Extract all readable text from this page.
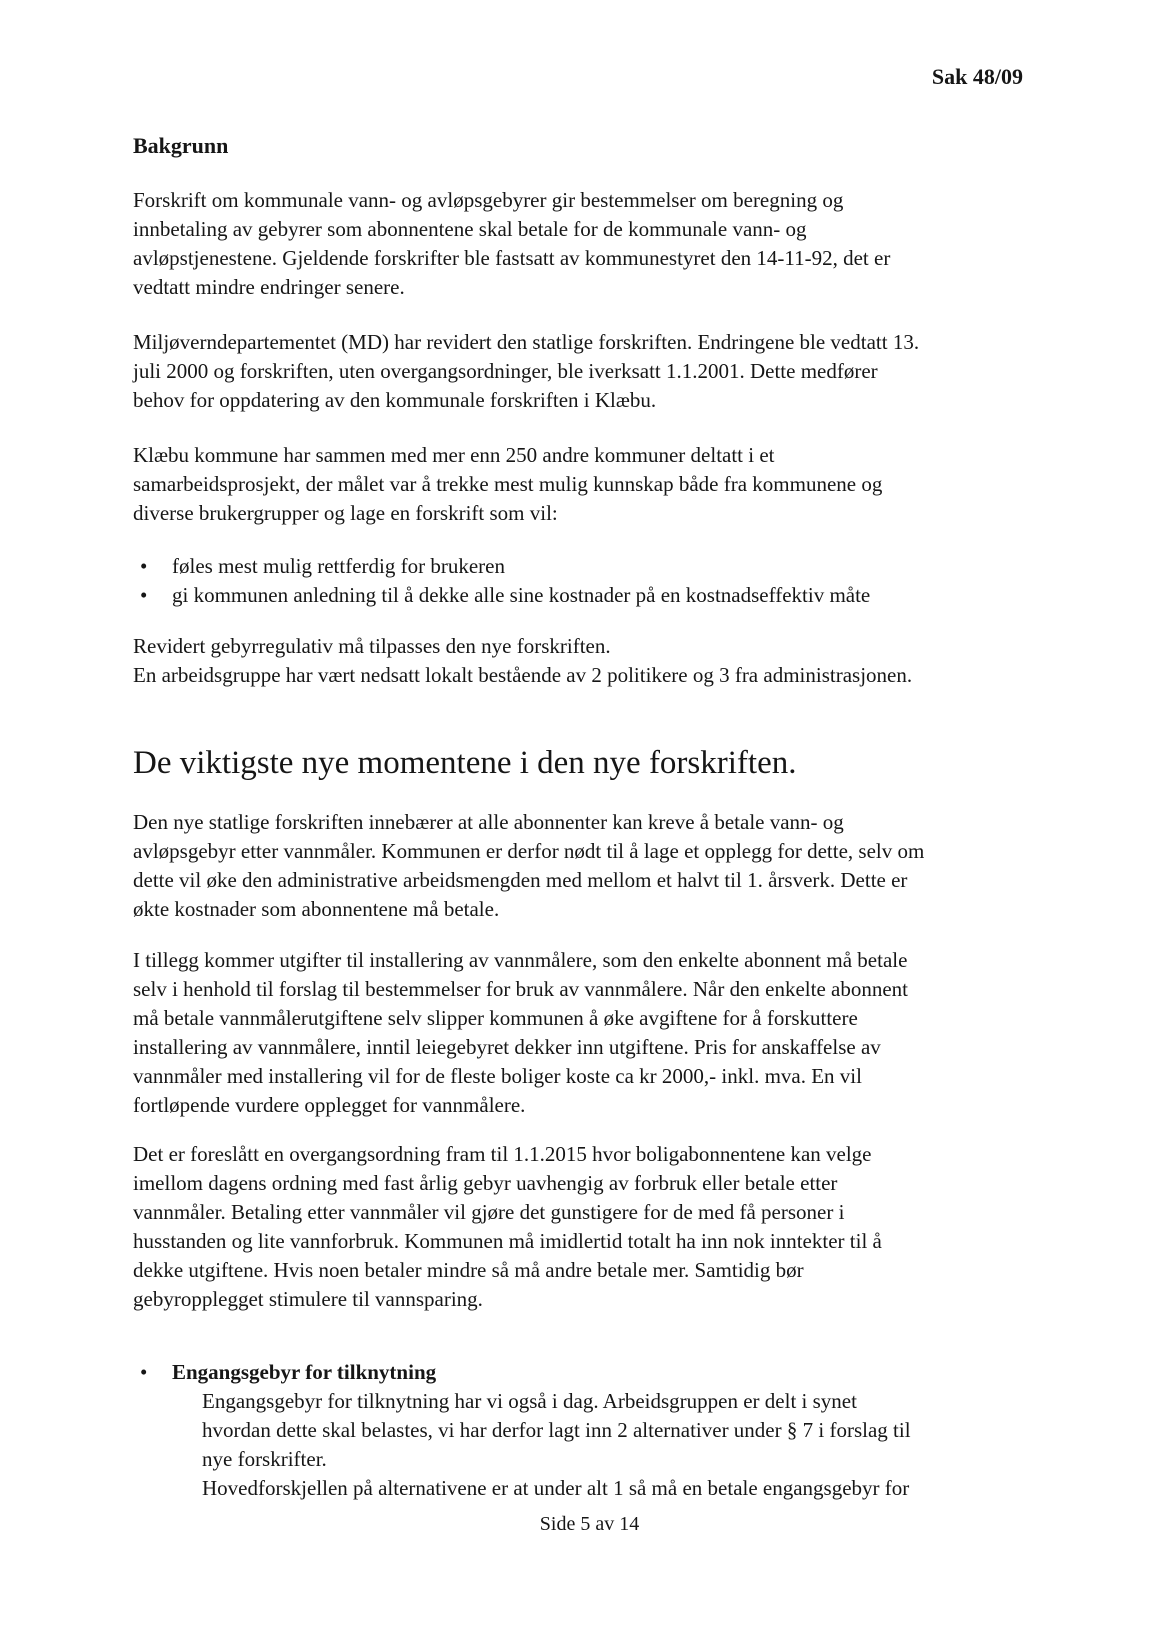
Sak 48/09
Bakgrunn

Forskrift om kommunale vann- og avløpsgebyrer gir bestemmelser om beregning og
innbetaling av gebyrer som abonnentene skal betale for de kommunale vann- og
avløpstjenestene. Gjeldende forskrifter ble fastsatt av kommunestyret den 14-11-92, det er
vedtatt mindre endringer senere.

Miljøverndepartementet (MD) har revidert den statlige forskriften. Endringene ble vedtatt 13.
juli 2000 og forskriften, uten overgangsordninger, ble iverksatt 1.1.2001. Dette medfører
behov for oppdatering av den kommunale forskriften i Klæbu.

Klæbu kommune har sammen med mer enn 250 andre kommuner deltatt i et
samarbeidsprosjekt, der målet var å trekke mest mulig kunnskap både fra kommunene og
diverse brukergrupper og lage en forskrift som vil:

• føles mest mulig rettferdig for brukeren
• gi kommunen anledning til å dekke alle sine kostnader på en kostnadseffektiv måte

Revidert gebyrregulativ må tilpasses den nye forskriften.
En arbeidsgruppe har vært nedsatt lokalt bestående av 2 politikere og 3 fra administrasjonen.

De viktigste nye momentene i den nye forskriften.

Den nye statlige forskriften innebærer at alle abonnenter kan kreve å betale vann- og
avløpsgebyr etter vannmåler. Kommunen er derfor nødt til å lage et opplegg for dette, selv om
dette vil øke den administrative arbeidsmengden med mellom et halvt til 1. årsverk. Dette er
økte kostnader som abonnentene må betale.

I tillegg kommer utgifter til installering av vannmålere, som den enkelte abonnent må betale
selv i henhold til forslag til bestemmelser for bruk av vannmålere. Når den enkelte abonnent
må betale vannmålerutgiftene selv slipper kommunen å øke avgiftene for å forskuttere
installering av vannmålere, inntil leiegebyret dekker inn utgiftene. Pris for anskaffelse av
vannmåler med installering vil for de fleste boliger koste ca kr 2000,- inkl. mva. En vil
fortløpende vurdere opplegget for vannmålere.

Det er foreslått en overgangsordning fram til 1.1.2015 hvor boligabonnentene kan velge
imellom dagens ordning med fast årlig gebyr uavhengig av forbruk eller betale etter
vannmåler. Betaling etter vannmåler vil gjøre det gunstigere for de med få personer i
husstanden og lite vannforbruk. Kommunen må imidlertid totalt ha inn nok inntekter til å
dekke utgiftene. Hvis noen betaler mindre så må andre betale mer. Samtidig bør
gebyropplegget stimulere til vannsparing.

• Engangsgebyr for tilknytning

Engangsgebyr for tilknytning har vi også i dag. Arbeidsgruppen er delt i synet
hvordan dette skal belastes, vi har derfor lagt inn 2 alternativer under § 7 i forslag til
nye forskrifter.
Hovedforskjellen på alternativene er at under alt 1 så må en betale engangsgebyr for

Side 5 av 14
